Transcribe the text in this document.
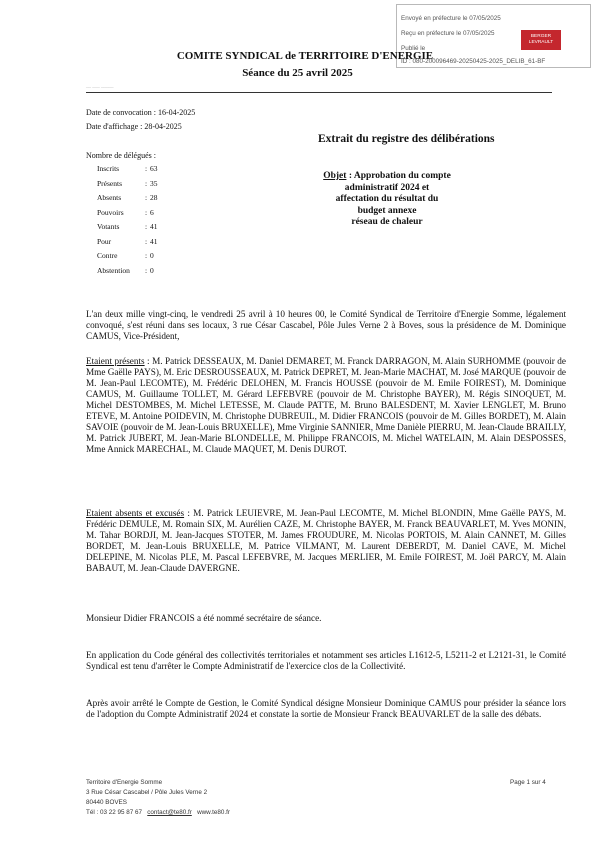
Envoyé en préfecture le 07/05/2025
Reçu en préfecture le 07/05/2025
Publié le
ID : 080-200096469-20250425-2025_DELIB_61-BF
BERGER
LEVRAULT
COMITE SYNDICAL de TERRITOIRE D'ENERGIE
Séance du 25 avril 2025
__ ___ _____
Date de convocation : 16-04-2025
Date d'affichage : 28-04-2025
Extrait du registre des délibérations
Nombre de délégués :
Inscrits	: 63
Présents	: 35
Absents	: 28
Pouvoirs	: 6
Votants	: 41
Pour	: 41
Contre	: 0
Abstention	: 0
Objet : Approbation du compte
administratif 2024 et
affectation du résultat du
budget annexe
réseau de chaleur
L'an deux mille vingt-cinq, le vendredi 25 avril à 10 heures 00, le Comité Syndical de Territoire d'Energie Somme, légalement convoqué, s'est réuni dans ses locaux, 3 rue César Cascabel, Pôle Jules Verne 2 à Boves, sous la présidence de M. Dominique CAMUS, Vice-Président,
Etaient présents : M. Patrick DESSEAUX, M. Daniel DEMARET, M. Franck DARRAGON, M. Alain SURHOMME (pouvoir de Mme Gaëlle PAYS), M. Eric DESROUSSEAUX, M. Patrick DEPRET, M. Jean-Marie MACHAT, M. José MARQUE (pouvoir de M. Jean-Paul LECOMTE), M. Frédéric DELOHEN, M. Francis HOUSSE (pouvoir de M. Emile FOIREST), M. Dominique CAMUS, M. Guillaume TOLLET, M. Gérard LEFEBVRE (pouvoir de M. Christophe BAYER), M. Régis SINOQUET, M. Michel DESTOMBES, M. Michel LETESSE, M. Claude PATTE, M. Bruno BALESDENT, M. Xavier LENGLET, M. Bruno ETEVE, M. Antoine POIDEVIN, M. Christophe DUBREUIL, M. Didier FRANCOIS (pouvoir de M. Gilles BORDET), M. Alain SAVOIE (pouvoir de M. Jean-Louis BRUXELLE), Mme Virginie SANNIER, Mme Danièle PIERRU, M. Jean-Claude BRAILLY, M. Patrick JUBERT, M. Jean-Marie BLONDELLE, M. Philippe FRANCOIS, M. Michel WATELAIN, M. Alain DESPOSSES, Mme Annick MARECHAL, M. Claude MAQUET, M. Denis DUROT.
Etaient absents et excusés : M. Patrick LEUIEVRE, M. Jean-Paul LECOMTE, M. Michel BLONDIN, Mme Gaëlle PAYS, M. Frédéric DEMULE, M. Romain SIX, M. Aurélien CAZE, M. Christophe BAYER, M. Franck BEAUVARLET, M. Yves MONIN, M. Tahar BORDJI, M. Jean-Jacques STOTER, M. James FROUDURE, M. Nicolas PORTOIS, M. Alain CANNET, M. Gilles BORDET, M. Jean-Louis BRUXELLE, M. Patrice VILMANT, M. Laurent DEBERDT, M. Daniel CAVE, M. Michel DELEPINE, M. Nicolas PLE, M. Pascal LEFEBVRE, M. Jacques MERLIER, M. Emile FOIREST, M. Joël PARCY, M. Alain BABAUT, M. Jean-Claude DAVERGNE.
Monsieur Didier FRANCOIS a été nommé secrétaire de séance.
En application du Code général des collectivités territoriales et notamment ses articles L1612-5, L5211-2 et L2121-31, le Comité Syndical est tenu d'arrêter le Compte Administratif de l'exercice clos de la Collectivité.
Après avoir arrêté le Compte de Gestion, le Comité Syndical désigne Monsieur Dominique CAMUS pour présider la séance lors de l'adoption du Compte Administratif 2024 et constate la sortie de Monsieur Franck BEAUVARLET de la salle des débats.
Territoire d'Energie Somme
3 Rue César Cascabel / Pôle Jules Verne 2
80440 BOVES
Tél : 03 22 95 87 67 contact@te80.fr www.te80.fr
Page 1 sur 4
